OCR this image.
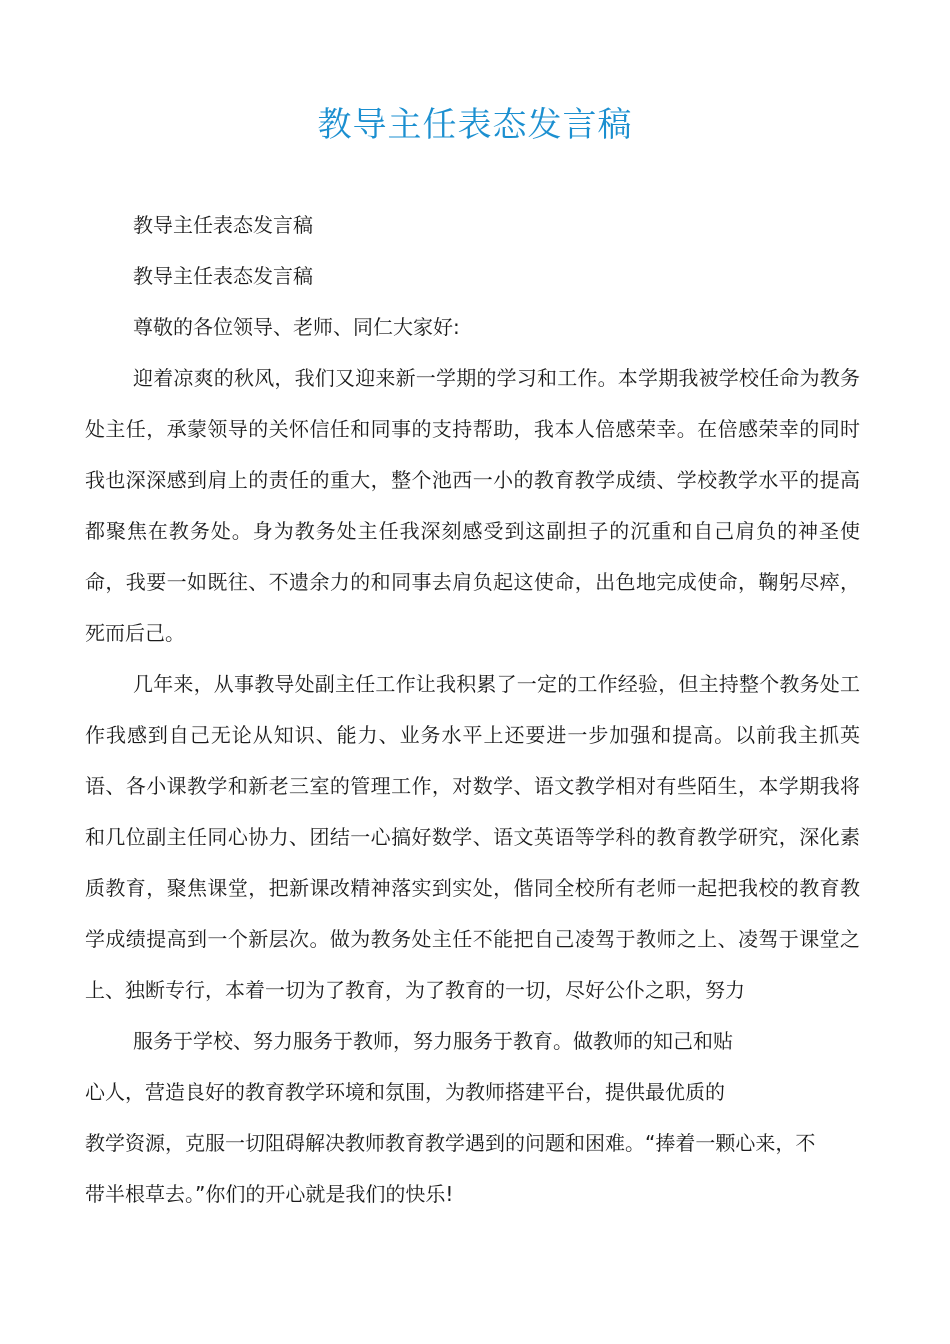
教导主任表态发言稿

教导主任表态发言稿

教导主任表态发言稿

尊敬的各位领导、老师、同仁大家好:

迎着凉爽的秋风，我们又迎来新一学期的学习和工作。本学期我被学校任命为教务处主任，承蒙领导的关怀信任和同事的支持帮助，我本人倍感荣幸。在倍感荣幸的同时我也深深感到肩上的责任的重大，整个池西一小的教育教学成绩、学校教学水平的提高都聚焦在教务处。身为教务处主任我深刻感受到这副担子的沉重和自己肩负的神圣使命，我要一如既往、不遗余力的和同事去肩负起这使命，出色地完成使命，鞠躬尽瘁，死而后己。

几年来，从事教导处副主任工作让我积累了一定的工作经验，但主持整个教务处工作我感到自己无论从知识、能力、业务水平上还要进一步加强和提高。以前我主抓英语、各小课教学和新老三室的管理工作，对数学、语文教学相对有些陌生，本学期我将和几位副主任同心协力、团结一心搞好数学、语文英语等学科的教育教学研究，深化素质教育，聚焦课堂，把新课改精神落实到实处，偕同全校所有老师一起把我校的教育教学成绩提高到一个新层次。做为教务处主任不能把自己凌驾于教师之上、凌驾于课堂之上、独断专行，本着一切为了教育，为了教育的一切，尽好公仆之职，努力

服务于学校、努力服务于教师，努力服务于教育。做教师的知己和贴
心人，营造良好的教育教学环境和氛围，为教师搭建平台，提供最优质的
教学资源，克服一切阻碍解决教师教育教学遇到的问题和困难。“捧着一颗心来，不
带半根草去。”你们的开心就是我们的快乐!
